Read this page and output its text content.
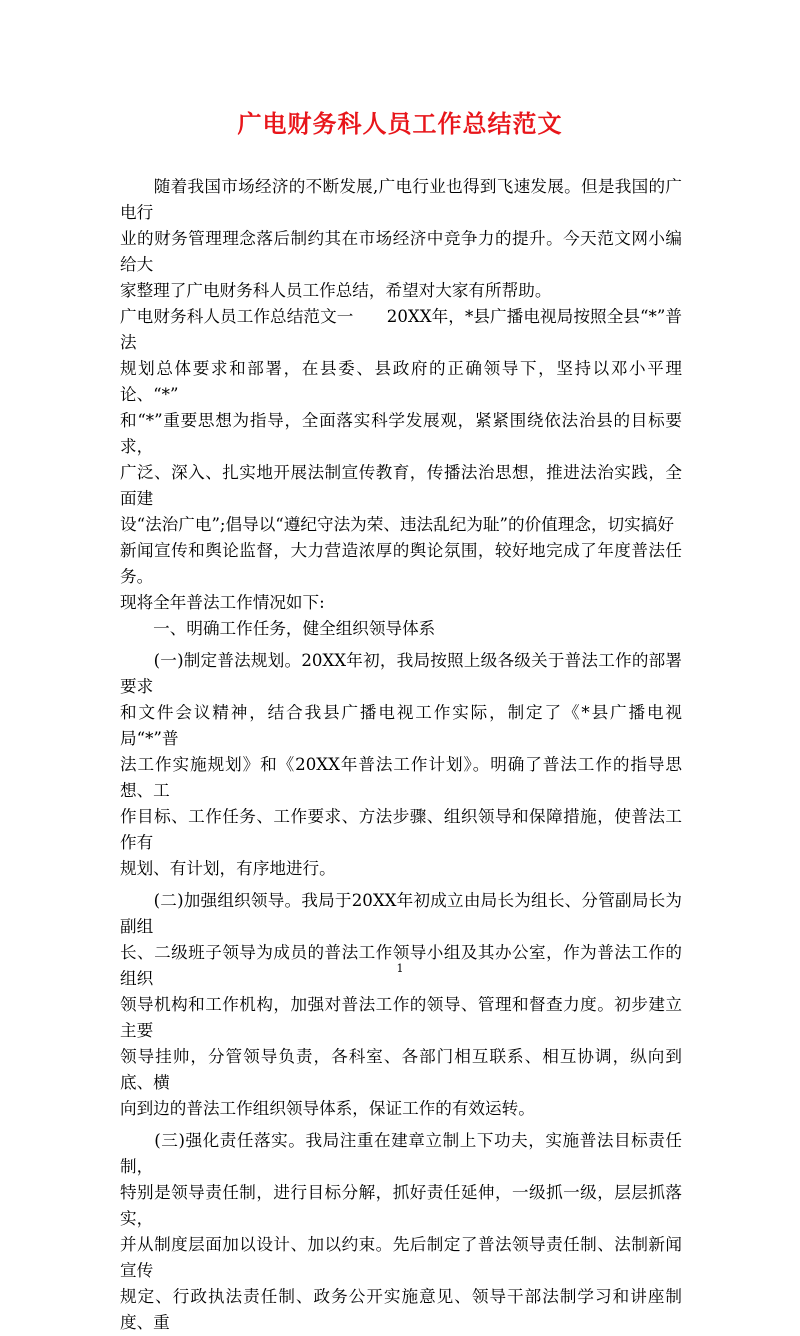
广电财务科人员工作总结范文

　　随着我国市场经济的不断发展,广电行业也得到飞速发展。但是我国的广电行

业的财务管理理念落后制约其在市场经济中竞争力的提升。今天范文网小编给大

家整理了广电财务科人员工作总结，希望对大家有所帮助。

广电财务科人员工作总结范文一　　20XX年，*县广播电视局按照全县“*”普法

规划总体要求和部署，在县委、县政府的正确领导下，坚持以邓小平理论、“*”

和“*”重要思想为指导，全面落实科学发展观，紧紧围绕依法治县的目标要求，

广泛、深入、扎实地开展法制宣传教育，传播法治思想，推进法治实践，全面建

设“法治广电”;倡导以“遵纪守法为荣、违法乱纪为耻”的价值理念，切实搞好

新闻宣传和舆论监督，大力营造浓厚的舆论氛围，较好地完成了年度普法任务。

现将全年普法工作情况如下:

　　一、明确工作任务，健全组织领导体系

　　(一)制定普法规划。20XX年初，我局按照上级各级关于普法工作的部署要求

和文件会议精神，结合我县广播电视工作实际，制定了《*县广播电视局“*”普

法工作实施规划》和《20XX年普法工作计划》。明确了普法工作的指导思想、工

作目标、工作任务、工作要求、方法步骤、组织领导和保障措施，使普法工作有

规划、有计划，有序地进行。

　　(二)加强组织领导。我局于20XX年初成立由局长为组长、分管副局长为副组

长、二级班子领导为成员的普法工作领导小组及其办公室，作为普法工作的组织

领导机构和工作机构，加强对普法工作的领导、管理和督查力度。初步建立主要

领导挂帅，分管领导负责，各科室、各部门相互联系、相互协调，纵向到底、横

向到边的普法工作组织领导体系，保证工作的有效运转。

　　(三)强化责任落实。我局注重在建章立制上下功夫，实施普法目标责任制，

特别是领导责任制，进行目标分解，抓好责任延伸，一级抓一级，层层抓落实，

并从制度层面加以设计、加以约束。先后制定了普法领导责任制、法制新闻宣传

规定、行政执法责任制、政务公开实施意见、领导干部法制学习和讲座制度、重

1
